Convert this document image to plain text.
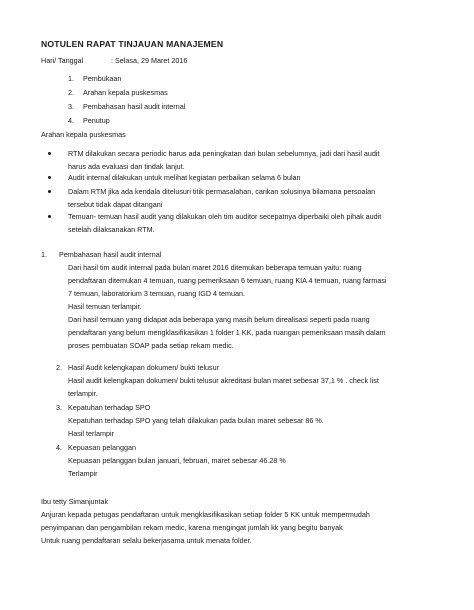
NOTULEN RAPAT TINJAUAN MANAJEMEN
Hari/ Tanggal	: Selasa, 29 Maret 2016
1. Pembukaan
2. Arahan kepala puskesmas
3. Pembahasan hasil audit internal
4. Penutup
Arahan kepala puskesmas
RTM dilakukan secara periodic harus ada peningkatan dari bulan sebelumnya, jadi dari hasil audit
harus ada evaluasi dan tindak lanjut.
Audit internal dilakukan untuk melihat kegiatan perbaikan selama 6 bulan
Dalam RTM jika ada kendala ditelusuri titik permasalahan, carikan solusinya bilamana persoalan
tersebut tidak dapat ditangani
Temuan- temuan hasil audit yang dilakukan oleh tim auditor secepatnya diperbaiki oleh pihak audit
setelah dilaksanakan RTM.
1. Pembahasan hasil audit internal
Dari hasil tim audit internal pada bulan maret 2016 ditemukan beberapa temuan yaitu: ruang
pendaftaran ditemukan 4 temuan, ruang pemeriksaan 6 temuan, ruang KIA 4 temuan, ruang farmasi
7 temuan, laboratorium 3 temuan, ruang IGD 4 temuan.
Hasil temuan terlampir.
Dari hasil temuan yang didapat ada beberapa yang masih belum direalisasi seperti pada ruang
pendaftaran yang belum mengklasifikasikan 1 folder 1 KK, pada ruangan pemeriksaan masih dalam
proses pembuatan SOAP pada setiap rekam medic.
2. Hasil Audit kelengkapan dokumen/ bukti telusur
Hasil audit kelengkapan dokumen/ bukti telusur akreditasi bulan maret sebesar 37,1 % . check list
terlampir.
3. Kepatuhan terhadap SPO
Kepatuhan terhadap SPO yang telah dilakukan pada bulan maret sebesar 86 %.
Hasil terlampir
4. Kepuasan pelanggan
Kepuasan pelanggan bulan januari, februari, maret sebesar 46.28 %
Terlampir
Ibu tetty Simanjuntak
Anjuran kepada petugas pendaftaran untuk mengklasifikasikan setiap folder 5 KK untuk mempermudah
penyimpanan dan pengambilan rekam medic, karena mengingat jumlah kk yang begitu banyak
Untuk ruang pendaftaran selalu bekerjasama untuk menata folder.
